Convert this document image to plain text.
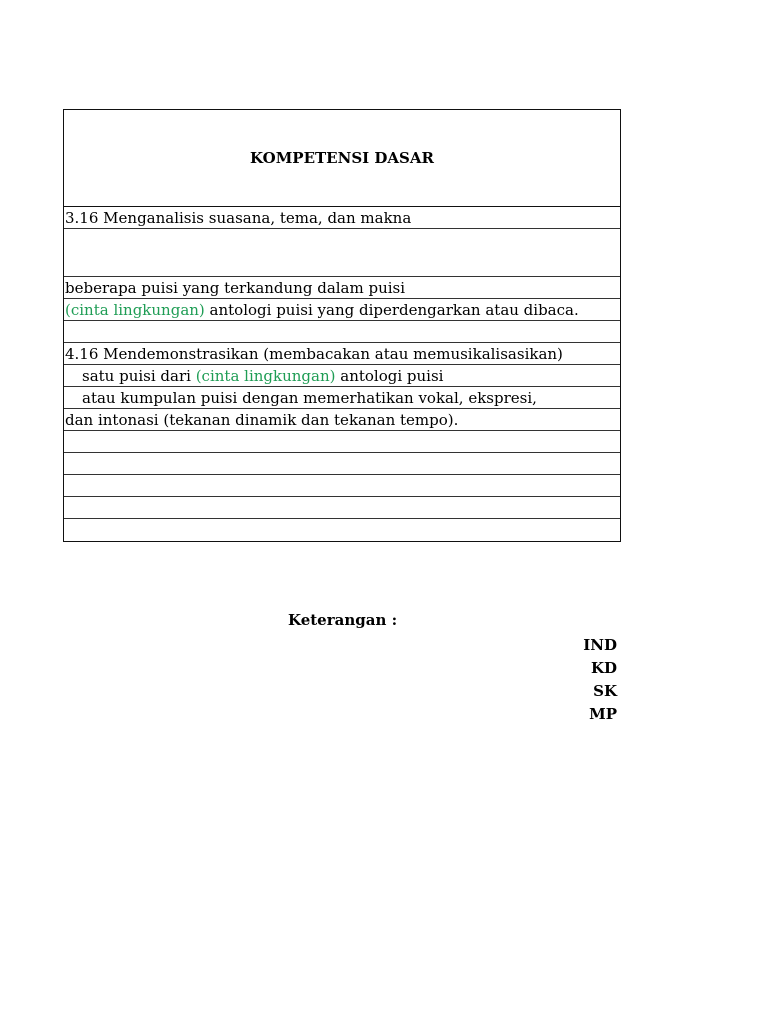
KOMPETENSI DASAR
3.16 Menganalisis suasana, tema, dan makna
beberapa puisi yang terkandung dalam puisi
(cinta lingkungan) antologi puisi yang diperdengarkan atau dibaca.
4.16 Mendemonstrasikan (membacakan atau memusikalisasikan)
satu puisi dari (cinta lingkungan) antologi puisi
atau kumpulan puisi dengan memerhatikan vokal, ekspresi,
dan intonasi (tekanan dinamik dan tekanan tempo).
Keterangan :
IND
KD
SK
MP
